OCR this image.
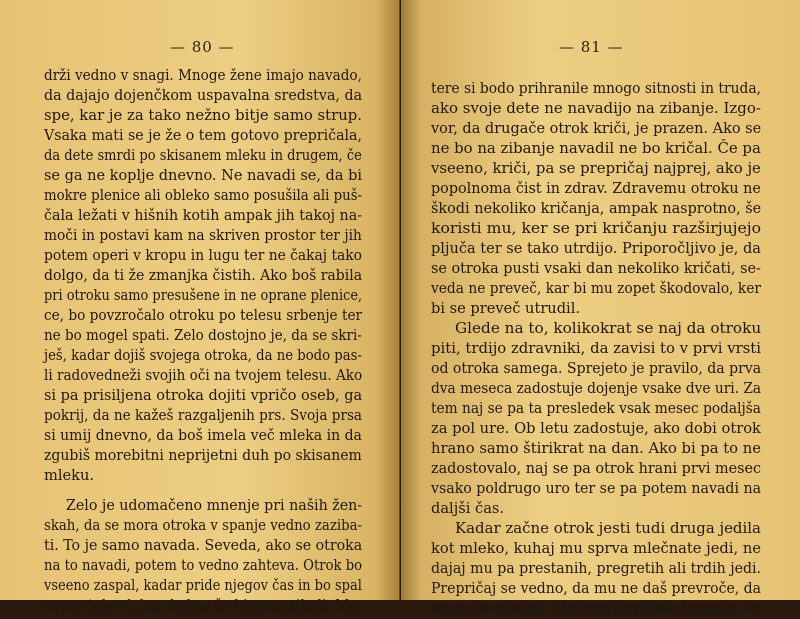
— 80 —
drži vedno v snagi. Mnoge žene imajo navado,
da dajajo dojenčkom uspavalna sredstva, da
spe, kar je za tako nežno bitje samo strup.
Vsaka mati se je že o tem gotovo prepričala,
da dete smrdi po skisanem mleku in drugem, če
se ga ne koplje dnevno. Ne navadi se, da bi
mokre plenice ali obleko samo posušila ali puš-
čala ležati v hišnih kotih ampak jih takoj na-
moči in postavi kam na skriven prostor ter jih
potem operi v kropu in lugu ter ne čakaj tako
dolgo, da ti že zmanjka čistih. Ako boš rabila
pri otroku samo presušene in ne oprane plenice,
ce, bo povzročalo otroku po telesu srbenje ter
ne bo mogel spati. Zelo dostojno je, da se skri-
ješ, kadar dojiš svojega otroka, da ne bodo pas-
li radovedneži svojih oči na tvojem telesu. Ako
si pa prisiljena otroka dojiti vpričo oseb, ga
pokrij, da ne kažeš razgaljenih prs. Svoja prsa
si umij dnevno, da boš imela več mleka in da
zgubiš morebitni neprijetni duh po skisanem
mleku.
Zelo je udomačeno mnenje pri naših žen-
skah, da se mora otroka v spanje vedno zaziba-
ti. To je samo navada. Seveda, ako se otroka
na to navadi, potem to vedno zahteva. Otrok bo
vseeno zaspal, kadar pride njegov čas in bo spal
ravno tako dolgo, kakor če bi ga zazibali. Ma-
— 81 —
tere si bodo prihranile mnogo sitnosti in truda,
ako svoje dete ne navadijo na zibanje. Izgo-
vor, da drugače otrok kriči, je prazen. Ako se
ne bo na zibanje navadil ne bo kričal. Če pa
vseeno, kriči, pa se prepričaj najprej, ako je
popolnoma čist in zdrav. Zdravemu otroku ne
škodi nekoliko kričanja, ampak nasprotno, še
koristi mu, ker se pri kričanju razširjujejo
pljuča ter se tako utrdijo. Priporočljivo je, da
se otroka pusti vsaki dan nekoliko kričati, se-
veda ne preveč, kar bi mu zopet škodovalo, ker
bi se preveč utrudil.
Glede na to, kolikokrat se naj da otroku
piti, trdijo zdravniki, da zavisi to v prvi vrsti
od otroka samega. Sprejeto je pravilo, da prva
dva meseca zadostuje dojenje vsake dve uri. Za
tem naj se pa ta presledek vsak mesec podaljša
za pol ure. Ob letu zadostuje, ako dobi otrok
hrano samo štirikrat na dan. Ako bi pa to ne
zadostovalo, naj se pa otrok hrani prvi mesec
vsako poldrugo uro ter se pa potem navadi na
daljši čas.
Kadar začne otrok jesti tudi druga jedila
kot mleko, kuhaj mu sprva mlečnate jedi, ne
dajaj mu pa prestanih, pregretih ali trdih jedi.
Prepričaj se vedno, da mu ne daš prevroče, da
se ne bo opekel. Ne imej te grede navade, da
